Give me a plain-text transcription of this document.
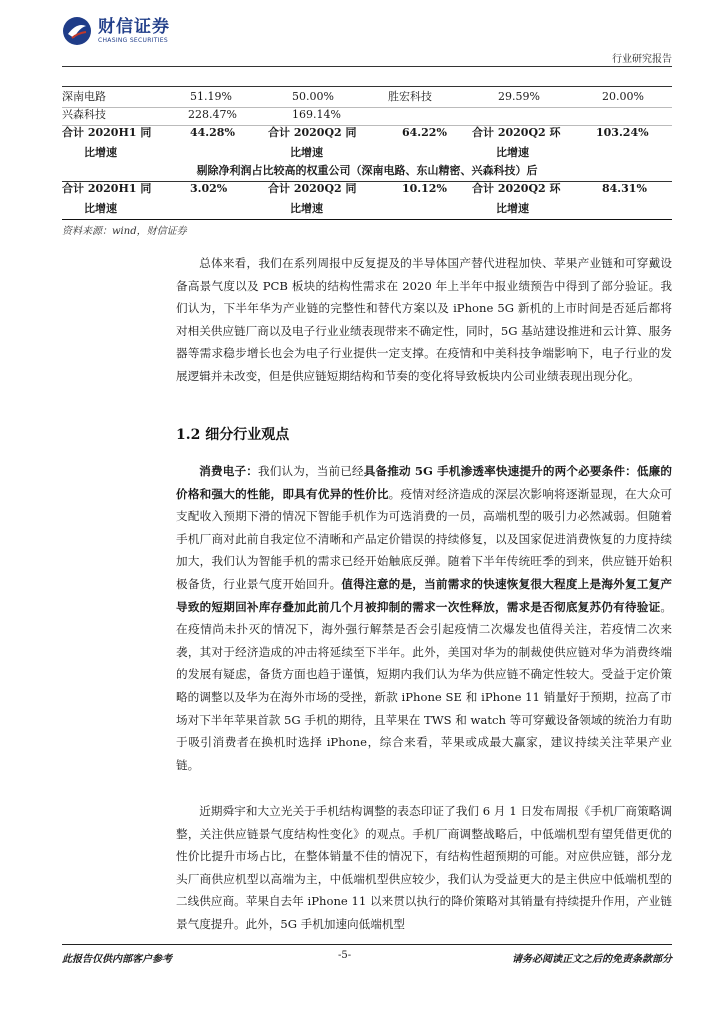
财信证券
CHASING SECURITIES
行业研究报告
深南电路	51.19%	50.00%	胜宏科技	29.59%	20.00%
兴森科技	228.47%	169.14%
合计 2020H1 同	44.28%	合计 2020Q2 同	64.22% 合计 2020Q2 环	103.24%
比增速	比增速	比增速
剔除净利润占比较高的权重公司（深南电路、东山精密、兴森科技）后
合计 2020H1 同	3.02%	合计 2020Q2 同	10.12% 合计 2020Q2 环	84.31%
比增速	比增速	比增速
资料来源：wind，财信证券

总体来看，我们在系列周报中反复提及的半导体国产替代进程加快、苹果产业链和可穿戴设备高景气度以及 PCB 板块的结构性需求在 2020 年上半年中报业绩预告中得到了部分验证。我们认为，下半年华为产业链的完整性和替代方案以及 iPhone 5G 新机的上市时间是否延后都将对相关供应链厂商以及电子行业业绩表现带来不确定性，同时，5G 基站建设推进和云计算、服务器等需求稳步增长也会为电子行业提供一定支撑。在疫情和中美科技争端影响下，电子行业的发展逻辑并未改变，但是供应链短期结构和节奏的变化将导致板块内公司业绩表现出现分化。

1.2 细分行业观点

消费电子：我们认为，当前已经具备推动 5G 手机渗透率快速提升的两个必要条件：低廉的价格和强大的性能，即具有优异的性价比。疫情对经济造成的深层次影响将逐渐显现，在大众可支配收入预期下滑的情况下智能手机作为可选消费的一员，高端机型的吸引力必然减弱。但随着手机厂商对此前自我定位不清晰和产品定价错误的持续修复，以及国家促进消费恢复的力度持续加大，我们认为智能手机的需求已经开始触底反弹。随着下半年传统旺季的到来，供应链开始积极备货，行业景气度开始回升。值得注意的是，当前需求的快速恢复很大程度上是海外复工复产导致的短期回补库存叠加此前几个月被抑制的需求一次性释放，需求是否彻底复苏仍有待验证。在疫情尚未扑灭的情况下，海外强行解禁是否会引起疫情二次爆发也值得关注，若疫情二次来袭，其对于经济造成的冲击将延续至下半年。此外，美国对华为的制裁使供应链对华为消费终端的发展有疑虑，备货方面也趋于谨慎，短期内我们认为华为供应链不确定性较大。受益于定价策略的调整以及华为在海外市场的受挫，新款 iPhone SE 和 iPhone 11 销量好于预期，拉高了市场对下半年苹果首款 5G 手机的期待，且苹果在 TWS 和 watch 等可穿戴设备领域的统治力有助于吸引消费者在换机时选择 iPhone，综合来看，苹果或成最大赢家，建议持续关注苹果产业链。

近期舜宇和大立光关于手机结构调整的表态印证了我们 6 月 1 日发布周报《手机厂商策略调整，关注供应链景气度结构性变化》的观点。手机厂商调整战略后，中低端机型有望凭借更优的性价比提升市场占比，在整体销量不佳的情况下，有结构性超预期的可能。对应供应链，部分龙头厂商供应机型以高端为主，中低端机型供应较少，我们认为受益更大的是主供应中低端机型的二线供应商。苹果自去年 iPhone 11 以来贯以执行的降价策略对其销量有持续提升作用，产业链景气度提升。此外，5G 手机加速向低端机型

此报告仅供内部客户参考	-5-	请务必阅读正文之后的免责条款部分
